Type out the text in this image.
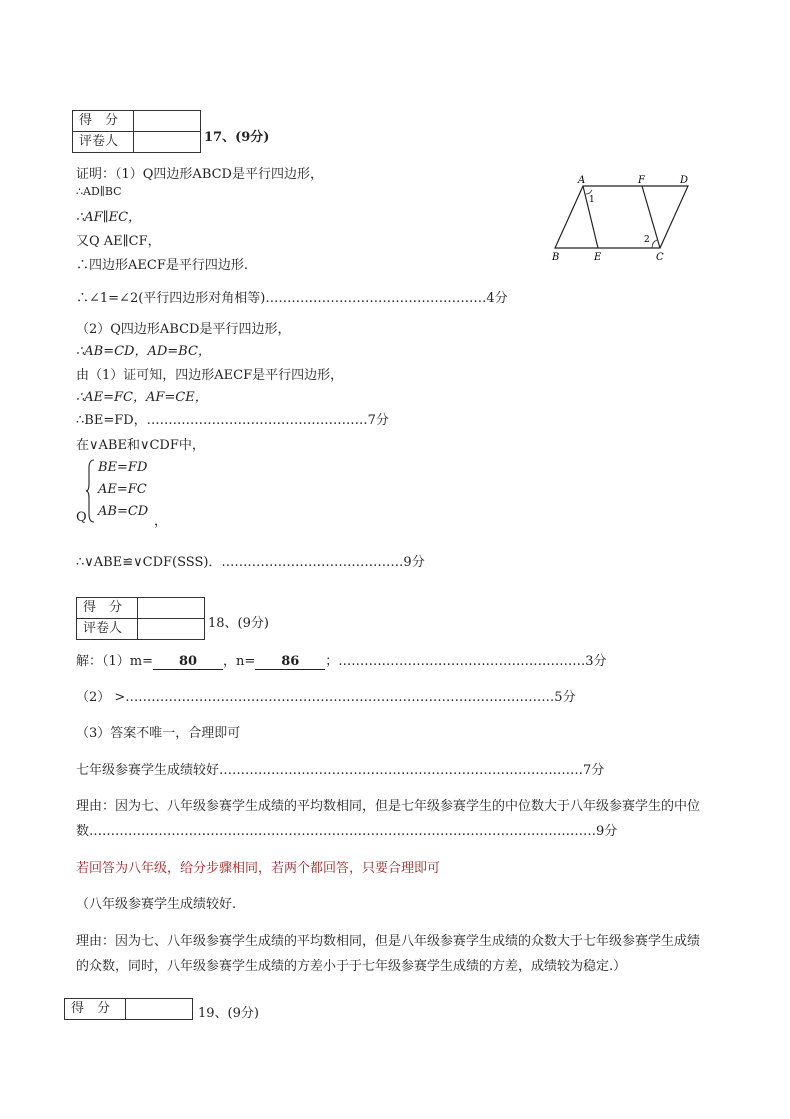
得　分	
评卷人		17、(9分)
证明：（1）Q四边形ABCD是平行四边形，
∴AD∥BC
∴AF∥EC，
又Q AE∥CF，
∴四边形AECF是平行四边形.
∴∠1=∠2(平行四边形对角相等)……………………………………………4分
A	F	D
B	E	C
1
2
（2）Q四边形ABCD是平行四边形，
∴AB=CD，AD=BC，
由（1）证可知，四边形AECF是平行四边形，
∴AE=FC，AF=CE，
∴BE=FD，……………………………………………7分
在∨ABE和∨CDF中，
BE=FD
AE=FC
AB=CD
Q	，
∴∨ABE≌∨CDF(SSS)．……………………………………9分
得　分	
评卷人		18、(9分)
解：（1）m= 80 ，n= 86 ；…………………………………………………3分
（2） >………………………………………………………………………………………5分
（3）答案不唯一，合理即可
七年级参赛学生成绩较好…………………………………………………………………………7分
理由：因为七、八年级参赛学生成绩的平均数相同，但是七年级参赛学生的中位数大于八年级参赛学生的中位
数………………………………………………………………………………………………………9分
若回答为八年级，给分步骤相同，若两个都回答，只要合理即可
（八年级参赛学生成绩较好.
理由：因为七、八年级参赛学生成绩的平均数相同，但是八年级参赛学生成绩的众数大于七年级参赛学生成绩
的众数，同时，八年级参赛学生成绩的方差小于于七年级参赛学生成绩的方差，成绩较为稳定.）
得　分		19、(9分)
